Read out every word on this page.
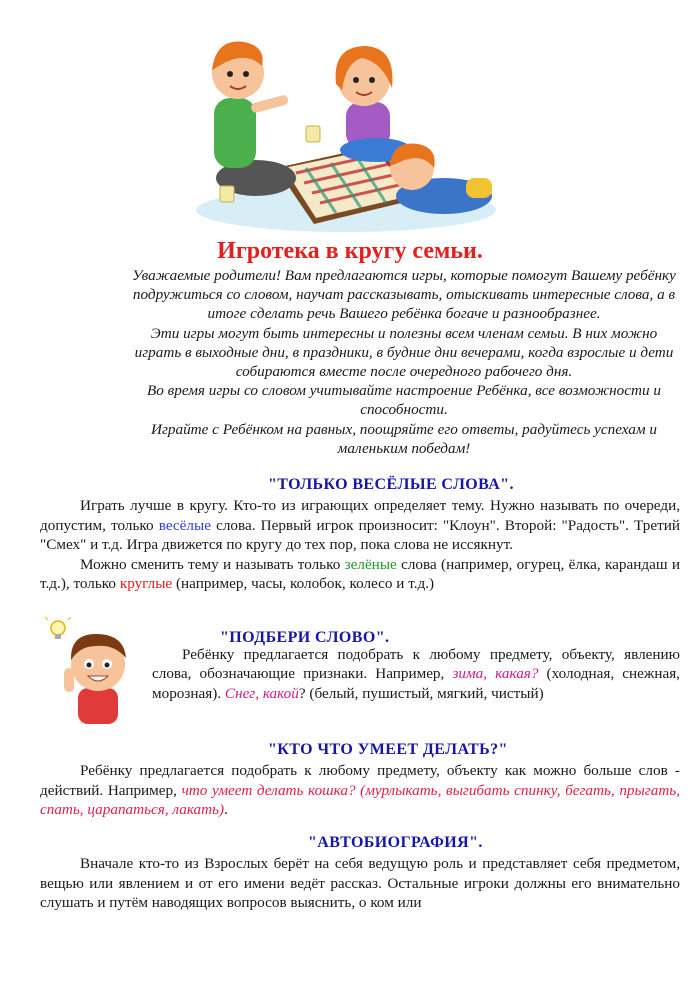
Игротека в кругу семьи.

Уважаемые родители! Вам предлагаются игры, которые помогут Вашему ребёнку подружиться со словом, научат рассказывать, отыскивать интересные слова, а в итоге сделать речь Вашего ребёнка богаче и разнообразнее.

Эти игры могут быть интересны и полезны всем членам семьи. В них можно играть в выходные дни, в праздники, в будние дни вечерами, когда взрослые и дети собираются вместе после очередного рабочего дня.

Во время игры со словом учитывайте настроение Ребёнка, все возможности и способности.

Играйте с Ребёнком на равных, поощряйте его ответы, радуйтесь успехам и маленьким победам!

"ТОЛЬКО ВЕСЁЛЫЕ СЛОВА".

Играть лучше в кругу. Кто-то из играющих определяет тему. Нужно называть по очереди, допустим, только весёлые слова. Первый игрок произносит: "Клоун". Второй: "Радость". Третий "Смех" и т.д. Игра движется по кругу до тех пор, пока слова не иссякнут.

Можно сменить тему и называть только зелёные слова (например, огурец, ёлка, карандаш и т.д.), только круглые (например, часы, колобок, колесо и т.д.)

"ПОДБЕРИ СЛОВО".

Ребёнку предлагается подобрать к любому предмету, объекту, явлению слова, обозначающие признаки. Например, зима, какая? (холодная, снежная, морозная). Снег, какой? (белый, пушистый, мягкий, чистый)

"КТО ЧТО УМЕЕТ ДЕЛАТЬ?"

Ребёнку предлагается подобрать к любому предмету, объекту как можно больше слов - действий. Например, что умеет делать кошка? (мурлыкать, выгибать спинку, бегать, прыгать, спать, царапаться, лакать).

"АВТОБИОГРАФИЯ".

Вначале кто-то из Взрослых берёт на себя ведущую роль и представляет себя предметом, вещью или явлением и от его имени ведёт рассказ. Остальные игроки должны его внимательно слушать и путём наводящих вопросов выяснить, о ком или
